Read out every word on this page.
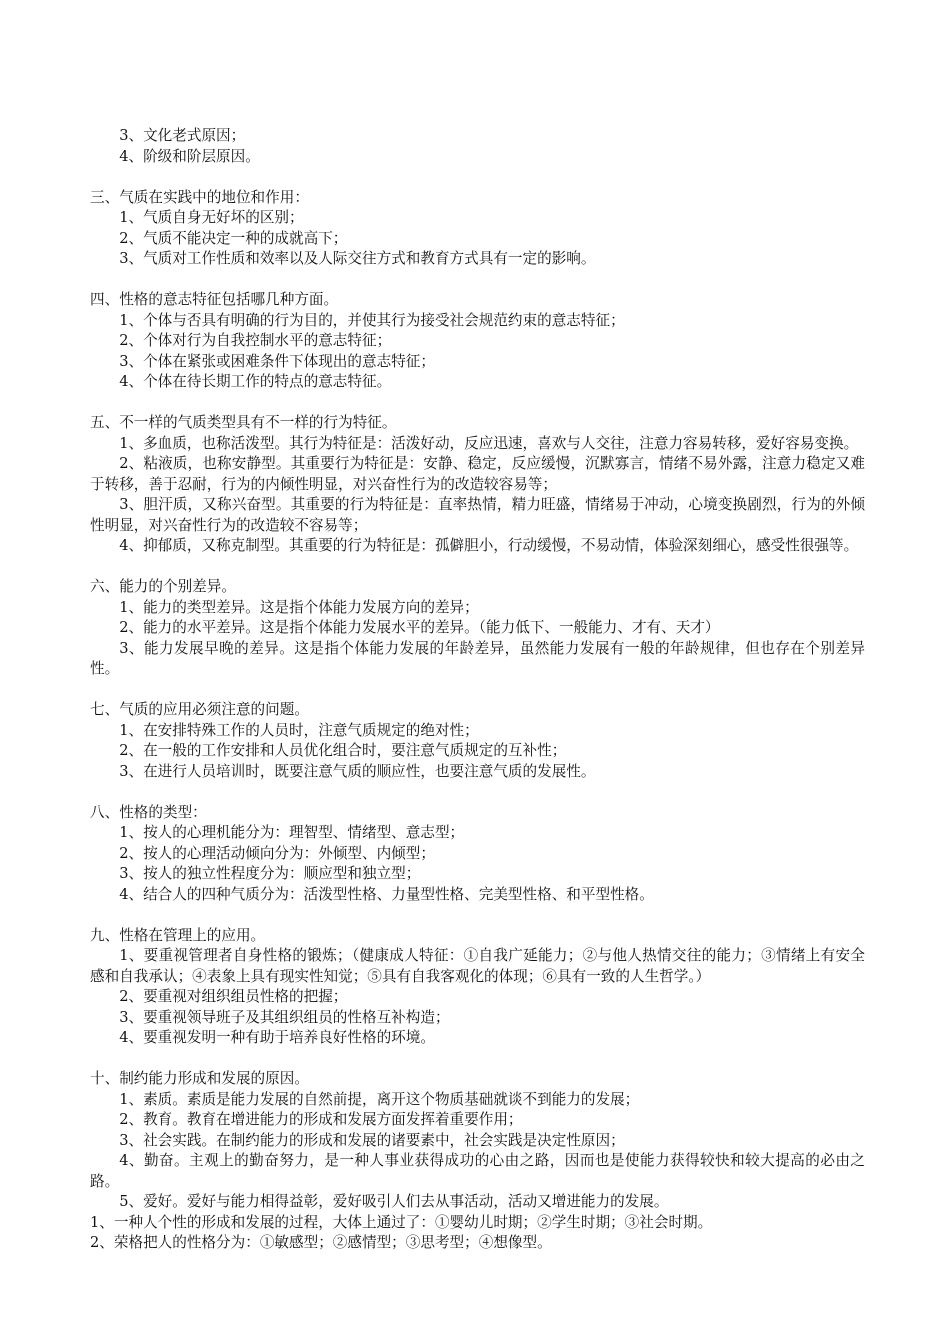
3、文化老式原因；

4、阶级和阶层原因。

三、气质在实践中的地位和作用：

1、气质自身无好坏的区别；

2、气质不能决定一种的成就高下；

3、气质对工作性质和效率以及人际交往方式和教育方式具有一定的影响。

四、性格的意志特征包括哪几种方面。

1、个体与否具有明确的行为目的，并使其行为接受社会规范约束的意志特征；

2、个体对行为自我控制水平的意志特征；

3、个体在紧张或困难条件下体现出的意志特征；

4、个体在待长期工作的特点的意志特征。

五、不一样的气质类型具有不一样的行为特征。

1、多血质，也称活泼型。其行为特征是：活泼好动，反应迅速，喜欢与人交往，注意力容易转移，爱好容易变换。

2、粘液质，也称安静型。其重要行为特征是：安静、稳定，反应缓慢，沉默寡言，情绪不易外露，注意力稳定又难于转移，善于忍耐，行为的内倾性明显，对兴奋性行为的改造较容易等；

3、胆汗质，又称兴奋型。其重要的行为特征是：直率热情，精力旺盛，情绪易于冲动，心境变换剧烈，行为的外倾性明显，对兴奋性行为的改造较不容易等；

4、抑郁质，又称克制型。其重要的行为特征是：孤僻胆小，行动缓慢，不易动情，体验深刻细心，感受性很强等。

六、能力的个别差异。

1、能力的类型差异。这是指个体能力发展方向的差异；

2、能力的水平差异。这是指个体能力发展水平的差异。（能力低下、一般能力、才有、天才）

3、能力发展早晚的差异。这是指个体能力发展的年龄差异，虽然能力发展有一般的年龄规律，但也存在个别差异性。

七、气质的应用必须注意的问题。

1、在安排特殊工作的人员时，注意气质规定的绝对性；

2、在一般的工作安排和人员优化组合时，要注意气质规定的互补性；

3、在进行人员培训时，既要注意气质的顺应性，也要注意气质的发展性。

八、性格的类型：

1、按人的心理机能分为：理智型、情绪型、意志型；

2、按人的心理活动倾向分为：外倾型、内倾型；

3、按人的独立性程度分为：顺应型和独立型；

4、结合人的四种气质分为：活泼型性格、力量型性格、完美型性格、和平型性格。

九、性格在管理上的应用。

1、要重视管理者自身性格的锻炼；（健康成人特征：①自我广延能力；②与他人热情交往的能力；③情绪上有安全感和自我承认；④表象上具有现实性知觉；⑤具有自我客观化的体现；⑥具有一致的人生哲学。）

2、要重视对组织组员性格的把握；

3、要重视领导班子及其组织组员的性格互补构造；

4、要重视发明一种有助于培养良好性格的环境。

十、制约能力形成和发展的原因。

1、素质。素质是能力发展的自然前提，离开这个物质基础就谈不到能力的发展；

2、教育。教育在增进能力的形成和发展方面发挥着重要作用；

3、社会实践。在制约能力的形成和发展的诸要素中，社会实践是决定性原因；

4、勤奋。主观上的勤奋努力，是一种人事业获得成功的心由之路，因而也是使能力获得较快和较大提高的必由之路。

5、爱好。爱好与能力相得益彰，爱好吸引人们去从事活动，活动又增进能力的发展。

1、一种人个性的形成和发展的过程，大体上通过了：①婴幼儿时期；②学生时期；③社会时期。

2、荣格把人的性格分为：①敏感型；②感情型；③思考型；④想像型。
